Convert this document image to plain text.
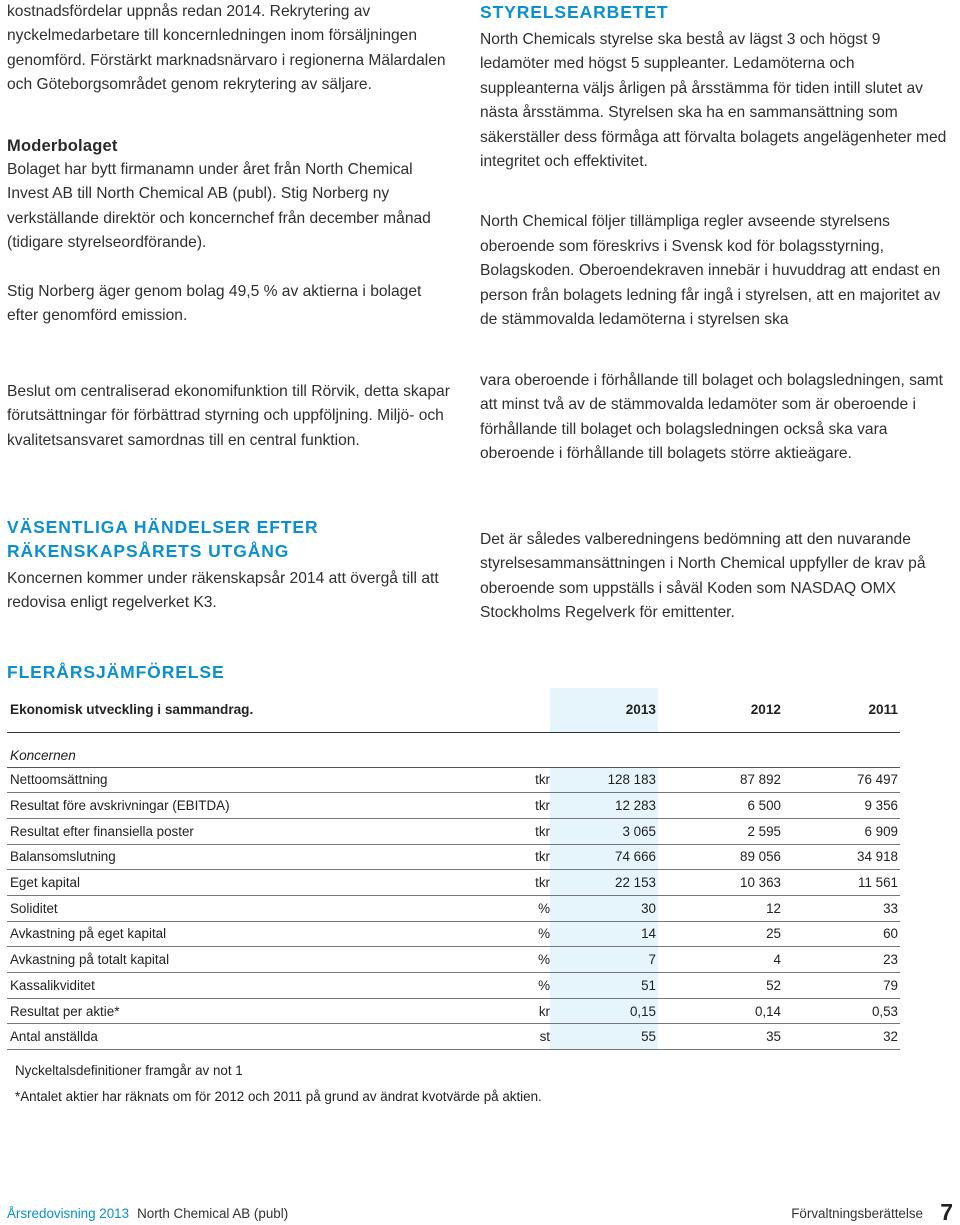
kostnadsfördelar uppnås redan 2014. Rekrytering av nyckelmedarbetare till koncernledningen inom försäljningen genomförd. Förstärkt marknadsnärvaro i regionerna Mälardalen och Göteborgsområdet genom rekrytering av säljare.

Moderbolaget

Bolaget har bytt firmanamn under året från North Chemical Invest AB till North Chemical AB (publ). Stig Norberg ny verkställande direktör och koncernchef från december månad (tidigare styrelseordförande).

Stig Norberg äger genom bolag 49,5 % av aktierna i bolaget efter genomförd emission.

Beslut om centraliserad ekonomifunktion till Rörvik, detta skapar förutsättningar för förbättrad styrning och uppföljning. Miljö- och kvalitetsansvaret samordnas till en central funktion.

VÄSENTLIGA HÄNDELSER EFTER RÄKENSKAPSÅRETS UTGÅNG

Koncernen kommer under räkenskapsår 2014 att övergå till att redovisa enligt regelverket K3.

STYRELSEARBETET

North Chemicals styrelse ska bestå av lägst 3 och högst 9 ledamöter med högst 5 suppleanter. Ledamöterna och suppleanterna väljs årligen på årsstämma för tiden intill slutet av nästa årsstämma. Styrelsen ska ha en sammansättning som säkerställer dess förmåga att förvalta bolagets angelägenheter med integritet och effektivitet.

North Chemical följer tillämpliga regler avseende styrelsens oberoende som föreskrivs i Svensk kod för bolagsstyrning, Bolagskoden. Oberoendekraven innebär i huvuddrag att endast en person från bolagets ledning får ingå i styrelsen, att en majoritet av de stämmovalda ledamöterna i styrelsen ska

vara oberoende i förhållande till bolaget och bolagsledningen, samt att minst två av de stämmovalda ledamöter som är oberoende i förhållande till bolaget och bolagsledningen också ska vara oberoende i förhållande till bolagets större aktieägare.

Det är således valberedningens bedömning att den nuvarande styrelsesammansättningen i North Chemical uppfyller de krav på oberoende som uppställs i såväl Koden som NASDAQ OMX Stockholms Regelverk för emittenter.

FLERÅRSJÄMFÖRELSE
Ekonomisk utveckling i sammandrag.		2013	2012	2011

Koncernen				
Nettoomsättning	tkr	128 183	87 892	76 497
Resultat före avskrivningar (EBITDA)	tkr	12 283	6 500	9 356
Resultat efter finansiella poster	tkr	3 065	2 595	6 909
Balansomslutning	tkr	74 666	89 056	34 918
Eget kapital	tkr	22 153	10 363	11 561
Soliditet	%	30	12	33
Avkastning på eget kapital	%	14	25	60
Avkastning på totalt kapital	%	7	4	23
Kassalikviditet	%	51	52	79
Resultat per aktie*	kr	0,15	0,14	0,53
Antal anställda	st	55	35	32
Nyckeltalsdefinitioner framgår av not 1
*Antalet aktier har räknats om för 2012 och 2011 på grund av ändrat kvotvärde på aktien.
Årsredovisning 2013 North Chemical AB (publ)	Förvaltningsberättelse 7
